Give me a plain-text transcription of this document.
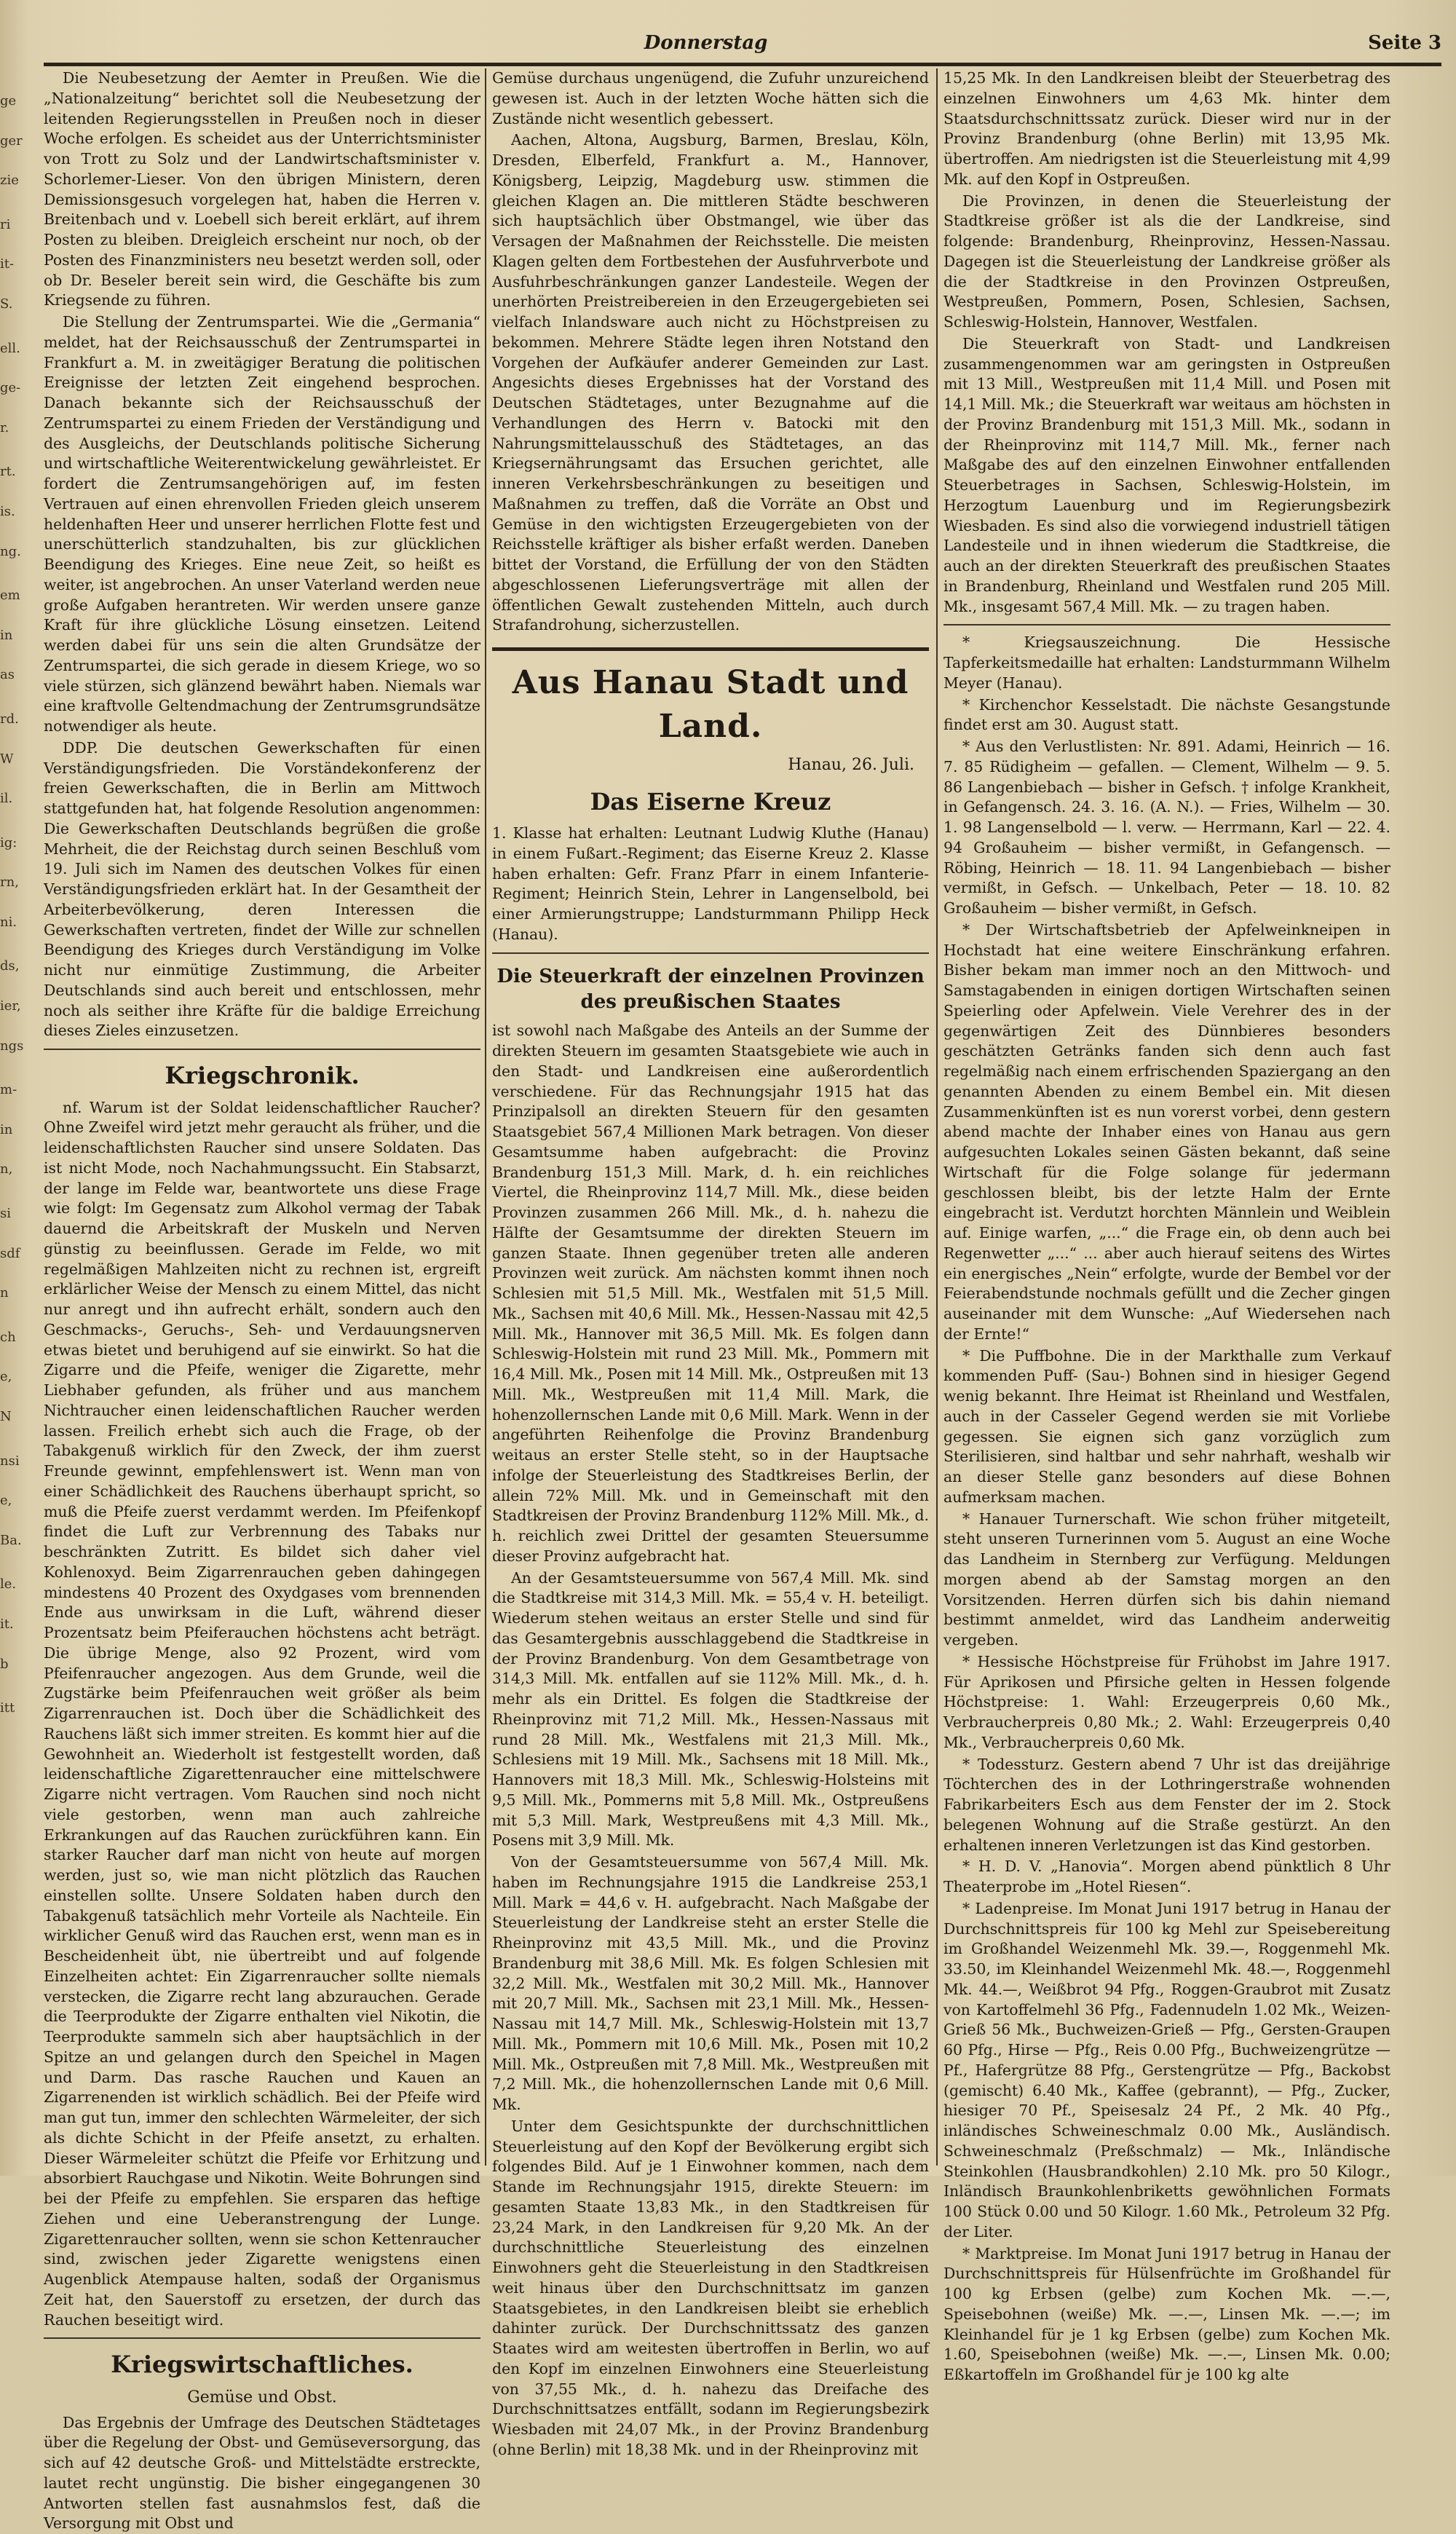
ge
ger
zie
ri
it-
S.
ell.
ge-
r.
rt.
is.
ng.
em
in
as
rd.
W
il.
ig:
rn,
ni.
ds,
ier,
ngs
m-
in
n,
si
sdf
n
ch
e,
N
nsi
e,
Ba.
le.
it.
b
itt
Donnerstag	Seite 3

Die Neubesetzung der Aemter in Preußen. Wie die „Nationalzeitung“ berichtet soll die Neubesetzung der leitenden Regierungsstellen in Preußen noch in dieser Woche erfolgen. Es scheidet aus der Unterrichtsminister von Trott zu Solz und der Landwirtschaftsminister v. Schorlemer-Lieser. Von den übrigen Ministern, deren Demissionsgesuch vorgelegen hat, haben die Herren v. Breitenbach und v. Loebell sich bereit erklärt, auf ihrem Posten zu bleiben. Dreigleich erscheint nur noch, ob der Posten des Finanzministers neu besetzt werden soll, oder ob Dr. Beseler bereit sein wird, die Geschäfte bis zum Kriegsende zu führen.

Die Stellung der Zentrumspartei. Wie die „Germania“ meldet, hat der Reichsausschuß der Zentrumspartei in Frankfurt a. M. in zweitägiger Beratung die politischen Ereignisse der letzten Zeit eingehend besprochen. Danach bekannte sich der Reichsausschuß der Zentrumspartei zu einem Frieden der Verständigung und des Ausgleichs, der Deutschlands politische Sicherung und wirtschaftliche Weiterentwickelung gewährleistet. Er fordert die Zentrumsangehörigen auf, im festen Vertrauen auf einen ehrenvollen Frieden gleich unserem heldenhaften Heer und unserer herrlichen Flotte fest und unerschütterlich standzuhalten, bis zur glücklichen Beendigung des Krieges. Eine neue Zeit, so heißt es weiter, ist angebrochen. An unser Vaterland werden neue große Aufgaben herantreten. Wir werden unsere ganze Kraft für ihre glückliche Lösung einsetzen. Leitend werden dabei für uns sein die alten Grundsätze der Zentrumspartei, die sich gerade in diesem Kriege, wo so viele stürzen, sich glänzend bewährt haben. Niemals war eine kraftvolle Geltendmachung der Zentrumsgrundsätze notwendiger als heute.

DDP. Die deutschen Gewerkschaften für einen Verständigungsfrieden. Die Vorständekonferenz der freien Gewerkschaften, die in Berlin am Mittwoch stattgefunden hat, hat folgende Resolution angenommen: Die Gewerkschaften Deutschlands begrüßen die große Mehrheit, die der Reichstag durch seinen Beschluß vom 19. Juli sich im Namen des deutschen Volkes für einen Verständigungsfrieden erklärt hat. In der Gesamtheit der Arbeiterbevölkerung, deren Interessen die Gewerkschaften vertreten, findet der Wille zur schnellen Beendigung des Krieges durch Verständigung im Volke nicht nur einmütige Zustimmung, die Arbeiter Deutschlands sind auch bereit und entschlossen, mehr noch als seither ihre Kräfte für die baldige Erreichung dieses Zieles einzusetzen.

Kriegschronik.

nf. Warum ist der Soldat leidenschaftlicher Raucher? Ohne Zweifel wird jetzt mehr geraucht als früher, und die leidenschaftlichsten Raucher sind unsere Soldaten. Das ist nicht Mode, noch Nachahmungssucht. Ein Stabsarzt, der lange im Felde war, beantwortete uns diese Frage wie folgt: Im Gegensatz zum Alkohol vermag der Tabak dauernd die Arbeitskraft der Muskeln und Nerven günstig zu beeinflussen. Gerade im Felde, wo mit regelmäßigen Mahlzeiten nicht zu rechnen ist, ergreift erklärlicher Weise der Mensch zu einem Mittel, das nicht nur anregt und ihn aufrecht erhält, sondern auch den Geschmacks-, Geruchs-, Seh- und Verdauungsnerven etwas bietet und beruhigend auf sie einwirkt. So hat die Zigarre und die Pfeife, weniger die Zigarette, mehr Liebhaber gefunden, als früher und aus manchem Nichtraucher einen leidenschaftlichen Raucher werden lassen. Freilich erhebt sich auch die Frage, ob der Tabakgenuß wirklich für den Zweck, der ihm zuerst Freunde gewinnt, empfehlenswert ist. Wenn man von einer Schädlichkeit des Rauchens überhaupt spricht, so muß die Pfeife zuerst verdammt werden. Im Pfeifenkopf findet die Luft zur Verbrennung des Tabaks nur beschränkten Zutritt. Es bildet sich daher viel Kohlenoxyd. Beim Zigarrenrauchen geben dahingegen mindestens 40 Prozent des Oxydgases vom brennenden Ende aus unwirksam in die Luft, während dieser Prozentsatz beim Pfeiferauchen höchstens acht beträgt. Die übrige Menge, also 92 Prozent, wird vom Pfeifenraucher angezogen. Aus dem Grunde, weil die Zugstärke beim Pfeifenrauchen weit größer als beim Zigarrenrauchen ist. Doch über die Schädlichkeit des Rauchens läßt sich immer streiten. Es kommt hier auf die Gewohnheit an. Wiederholt ist festgestellt worden, daß leidenschaftliche Zigarettenraucher eine mittelschwere Zigarre nicht vertragen. Vom Rauchen sind noch nicht viele gestorben, wenn man auch zahlreiche Erkrankungen auf das Rauchen zurückführen kann. Ein starker Raucher darf man nicht von heute auf morgen werden, just so, wie man nicht plötzlich das Rauchen einstellen sollte. Unsere Soldaten haben durch den Tabakgenuß tatsächlich mehr Vorteile als Nachteile. Ein wirklicher Genuß wird das Rauchen erst, wenn man es in Bescheidenheit übt, nie übertreibt und auf folgende Einzelheiten achtet: Ein Zigarrenraucher sollte niemals verstecken, die Zigarre recht lang abzurauchen. Gerade die Teerprodukte der Zigarre enthalten viel Nikotin, die Teerprodukte sammeln sich aber hauptsächlich in der Spitze an und gelangen durch den Speichel in Magen und Darm. Das rasche Rauchen und Kauen an Zigarrenenden ist wirklich schädlich. Bei der Pfeife wird man gut tun, immer den schlechten Wärmeleiter, der sich als dichte Schicht in der Pfeife ansetzt, zu erhalten. Dieser Wärmeleiter schützt die Pfeife vor Erhitzung und absorbiert Rauchgase und Nikotin. Weite Bohrungen sind bei der Pfeife zu empfehlen. Sie ersparen das heftige Ziehen und eine Ueberanstrengung der Lunge. Zigarettenraucher sollten, wenn sie schon Kettenraucher sind, zwischen jeder Zigarette wenigstens einen Augenblick Atempause halten, sodaß der Organismus Zeit hat, den Sauerstoff zu ersetzen, der durch das Rauchen beseitigt wird.

Kriegswirtschaftliches.
Gemüse und Obst.

Das Ergebnis der Umfrage des Deutschen Städtetages über die Regelung der Obst- und Gemüseversorgung, das sich auf 42 deutsche Groß- und Mittelstädte erstreckte, lautet recht ungünstig. Die bisher eingegangenen 30 Antworten stellen fast ausnahmslos fest, daß die Versorgung mit Obst und

Gemüse durchaus ungenügend, die Zufuhr unzureichend gewesen ist. Auch in der letzten Woche hätten sich die Zustände nicht wesentlich gebessert.

Aachen, Altona, Augsburg, Barmen, Breslau, Köln, Dresden, Elberfeld, Frankfurt a. M., Hannover, Königsberg, Leipzig, Magdeburg usw. stimmen die gleichen Klagen an. Die mittleren Städte beschweren sich hauptsächlich über Obstmangel, wie über das Versagen der Maßnahmen der Reichsstelle. Die meisten Klagen gelten dem Fortbestehen der Ausfuhrverbote und Ausfuhrbeschränkungen ganzer Landesteile. Wegen der unerhörten Preistreibereien in den Erzeugergebieten sei vielfach Inlandsware auch nicht zu Höchstpreisen zu bekommen. Mehrere Städte legen ihren Notstand den Vorgehen der Aufkäufer anderer Gemeinden zur Last. Angesichts dieses Ergebnisses hat der Vorstand des Deutschen Städtetages, unter Bezugnahme auf die Verhandlungen des Herrn v. Batocki mit den Nahrungsmittelausschuß des Städtetages, an das Kriegsernährungsamt das Ersuchen gerichtet, alle inneren Verkehrsbeschränkungen zu beseitigen und Maßnahmen zu treffen, daß die Vorräte an Obst und Gemüse in den wichtigsten Erzeugergebieten von der Reichsstelle kräftiger als bisher erfaßt werden. Daneben bittet der Vorstand, die Erfüllung der von den Städten abgeschlossenen Lieferungsverträge mit allen der öffentlichen Gewalt zustehenden Mitteln, auch durch Strafandrohung, sicherzustellen.

Aus Hanau Stadt und Land.
Hanau, 26. Juli.
Das Eiserne Kreuz

1. Klasse hat erhalten: Leutnant Ludwig Kluthe (Hanau) in einem Fußart.-Regiment; das Eiserne Kreuz 2. Klasse haben erhalten: Gefr. Franz Pfarr in einem Infanterie-Regiment; Heinrich Stein, Lehrer in Langenselbold, bei einer Armierungstruppe; Landsturmmann Philipp Heck (Hanau).

Die Steuerkraft der einzelnen Provinzen des preußischen Staates

ist sowohl nach Maßgabe des Anteils an der Summe der direkten Steuern im gesamten Staatsgebiete wie auch in den Stadt- und Landkreisen eine außerordentlich verschiedene. Für das Rechnungsjahr 1915 hat das Prinzipalsoll an direkten Steuern für den gesamten Staatsgebiet 567,4 Millionen Mark betragen. Von dieser Gesamtsumme haben aufgebracht: die Provinz Brandenburg 151,3 Mill. Mark, d. h. ein reichliches Viertel, die Rheinprovinz 114,7 Mill. Mk., diese beiden Provinzen zusammen 266 Mill. Mk., d. h. nahezu die Hälfte der Gesamtsumme der direkten Steuern im ganzen Staate. Ihnen gegenüber treten alle anderen Provinzen weit zurück. Am nächsten kommt ihnen noch Schlesien mit 51,5 Mill. Mk., Westfalen mit 51,5 Mill. Mk., Sachsen mit 40,6 Mill. Mk., Hessen-Nassau mit 42,5 Mill. Mk., Hannover mit 36,5 Mill. Mk. Es folgen dann Schleswig-Holstein mit rund 23 Mill. Mk., Pommern mit 16,4 Mill. Mk., Posen mit 14 Mill. Mk., Ostpreußen mit 13 Mill. Mk., Westpreußen mit 11,4 Mill. Mark, die hohenzollernschen Lande mit 0,6 Mill. Mark. Wenn in der angeführten Reihenfolge die Provinz Brandenburg weitaus an erster Stelle steht, so in der Hauptsache infolge der Steuerleistung des Stadtkreises Berlin, der allein 72% Mill. Mk. und in Gemeinschaft mit den Stadtkreisen der Provinz Brandenburg 112% Mill. Mk., d. h. reichlich zwei Drittel der gesamten Steuersumme dieser Provinz aufgebracht hat.

An der Gesamtsteuersumme von 567,4 Mill. Mk. sind die Stadtkreise mit 314,3 Mill. Mk. = 55,4 v. H. beteiligt. Wiederum stehen weitaus an erster Stelle und sind für das Gesamtergebnis ausschlaggebend die Stadtkreise in der Provinz Brandenburg. Von dem Gesamtbetrage von 314,3 Mill. Mk. entfallen auf sie 112% Mill. Mk., d. h. mehr als ein Drittel. Es folgen die Stadtkreise der Rheinprovinz mit 71,2 Mill. Mk., Hessen-Nassaus mit rund 28 Mill. Mk., Westfalens mit 21,3 Mill. Mk., Schlesiens mit 19 Mill. Mk., Sachsens mit 18 Mill. Mk., Hannovers mit 18,3 Mill. Mk., Schleswig-Holsteins mit 9,5 Mill. Mk., Pommerns mit 5,8 Mill. Mk., Ostpreußens mit 5,3 Mill. Mark, Westpreußens mit 4,3 Mill. Mk., Posens mit 3,9 Mill. Mk.

Von der Gesamtsteuersumme von 567,4 Mill. Mk. haben im Rechnungsjahre 1915 die Landkreise 253,1 Mill. Mark = 44,6 v. H. aufgebracht. Nach Maßgabe der Steuerleistung der Landkreise steht an erster Stelle die Rheinprovinz mit 43,5 Mill. Mk., und die Provinz Brandenburg mit 38,6 Mill. Mk. Es folgen Schlesien mit 32,2 Mill. Mk., Westfalen mit 30,2 Mill. Mk., Hannover mit 20,7 Mill. Mk., Sachsen mit 23,1 Mill. Mk., Hessen-Nassau mit 14,7 Mill. Mk., Schleswig-Holstein mit 13,7 Mill. Mk., Pommern mit 10,6 Mill. Mk., Posen mit 10,2 Mill. Mk., Ostpreußen mit 7,8 Mill. Mk., Westpreußen mit 7,2 Mill. Mk., die hohenzollernschen Lande mit 0,6 Mill. Mk.

Unter dem Gesichtspunkte der durchschnittlichen Steuerleistung auf den Kopf der Bevölkerung ergibt sich folgendes Bild. Auf je 1 Einwohner kommen, nach dem Stande im Rechnungsjahr 1915, direkte Steuern: im gesamten Staate 13,83 Mk., in den Stadtkreisen für 23,24 Mark, in den Landkreisen für 9,20 Mk. An der durchschnittliche Steuerleistung des einzelnen Einwohners geht die Steuerleistung in den Stadtkreisen weit hinaus über den Durchschnittsatz im ganzen Staatsgebietes, in den Landkreisen bleibt sie erheblich dahinter zurück. Der Durchschnittssatz des ganzen Staates wird am weitesten übertroffen in Berlin, wo auf den Kopf im einzelnen Einwohners eine Steuerleistung von 37,55 Mk., d. h. nahezu das Dreifache des Durchschnittsatzes entfällt, sodann im Regierungsbezirk Wiesbaden mit 24,07 Mk., in der Provinz Brandenburg (ohne Berlin) mit 18,38 Mk. und in der Rheinprovinz mit

15,25 Mk. In den Landkreisen bleibt der Steuerbetrag des einzelnen Einwohners um 4,63 Mk. hinter dem Staatsdurchschnittssatz zurück. Dieser wird nur in der Provinz Brandenburg (ohne Berlin) mit 13,95 Mk. übertroffen. Am niedrigsten ist die Steuerleistung mit 4,99 Mk. auf den Kopf in Ostpreußen.

Die Provinzen, in denen die Steuerleistung der Stadtkreise größer ist als die der Landkreise, sind folgende: Brandenburg, Rheinprovinz, Hessen-Nassau. Dagegen ist die Steuerleistung der Landkreise größer als die der Stadtkreise in den Provinzen Ostpreußen, Westpreußen, Pommern, Posen, Schlesien, Sachsen, Schleswig-Holstein, Hannover, Westfalen.

Die Steuerkraft von Stadt- und Landkreisen zusammengenommen war am geringsten in Ostpreußen mit 13 Mill., Westpreußen mit 11,4 Mill. und Posen mit 14,1 Mill. Mk.; die Steuerkraft war weitaus am höchsten in der Provinz Brandenburg mit 151,3 Mill. Mk., sodann in der Rheinprovinz mit 114,7 Mill. Mk., ferner nach Maßgabe des auf den einzelnen Einwohner entfallenden Steuerbetrages in Sachsen, Schleswig-Holstein, im Herzogtum Lauenburg und im Regierungsbezirk Wiesbaden. Es sind also die vorwiegend industriell tätigen Landesteile und in ihnen wiederum die Stadtkreise, die auch an der direkten Steuerkraft des preußischen Staates in Brandenburg, Rheinland und Westfalen rund 205 Mill. Mk., insgesamt 567,4 Mill. Mk. — zu tragen haben.

* Kriegsauszeichnung. Die Hessische Tapferkeitsmedaille hat erhalten: Landsturmmann Wilhelm Meyer (Hanau).

* Kirchenchor Kesselstadt. Die nächste Gesangstunde findet erst am 30. August statt.

* Aus den Verlustlisten: Nr. 891. Adami, Heinrich — 16. 7. 85 Rüdigheim — gefallen. — Clement, Wilhelm — 9. 5. 86 Langenbiebach — bisher in Gefsch. † infolge Krankheit, in Gefangensch. 24. 3. 16. (A. N.). — Fries, Wilhelm — 30. 1. 98 Langenselbold — l. verw. — Herrmann, Karl — 22. 4. 94 Großauheim — bisher vermißt, in Gefangensch. — Röbing, Heinrich — 18. 11. 94 Langenbiebach — bisher vermißt, in Gefsch. — Unkelbach, Peter — 18. 10. 82 Großauheim — bisher vermißt, in Gefsch.

* Der Wirtschaftsbetrieb der Apfelweinkneipen in Hochstadt hat eine weitere Einschränkung erfahren. Bisher bekam man immer noch an den Mittwoch- und Samstagabenden in einigen dortigen Wirtschaften seinen Speierling oder Apfelwein. Viele Verehrer des in der gegenwärtigen Zeit des Dünnbieres besonders geschätzten Getränks fanden sich denn auch fast regelmäßig nach einem erfrischenden Spaziergang an den genannten Abenden zu einem Bembel ein. Mit diesen Zusammenkünften ist es nun vorerst vorbei, denn gestern abend machte der Inhaber eines von Hanau aus gern aufgesuchten Lokales seinen Gästen bekannt, daß seine Wirtschaft für die Folge solange für jedermann geschlossen bleibt, bis der letzte Halm der Ernte eingebracht ist. Verdutzt horchten Männlein und Weiblein auf. Einige warfen, „...“ die Frage ein, ob denn auch bei Regenwetter „...“ ... aber auch hierauf seitens des Wirtes ein energisches „Nein“ erfolgte, wurde der Bembel vor der Feierabendstunde nochmals gefüllt und die Zecher gingen auseinander mit dem Wunsche: „Auf Wiedersehen nach der Ernte!“

* Die Puffbohne. Die in der Markthalle zum Verkauf kommenden Puff- (Sau-) Bohnen sind in hiesiger Gegend wenig bekannt. Ihre Heimat ist Rheinland und Westfalen, auch in der Casseler Gegend werden sie mit Vorliebe gegessen. Sie eignen sich ganz vorzüglich zum Sterilisieren, sind haltbar und sehr nahrhaft, weshalb wir an dieser Stelle ganz besonders auf diese Bohnen aufmerksam machen.

* Hanauer Turnerschaft. Wie schon früher mitgeteilt, steht unseren Turnerinnen vom 5. August an eine Woche das Landheim in Sternberg zur Verfügung. Meldungen morgen abend ab der Samstag morgen an den Vorsitzenden. Herren dürfen sich bis dahin niemand bestimmt anmeldet, wird das Landheim anderweitig vergeben.

* Hessische Höchstpreise für Frühobst im Jahre 1917. Für Aprikosen und Pfirsiche gelten in Hessen folgende Höchstpreise: 1. Wahl: Erzeugerpreis 0,60 Mk., Verbraucherpreis 0,80 Mk.; 2. Wahl: Erzeugerpreis 0,40 Mk., Verbraucherpreis 0,60 Mk.

* Todessturz. Gestern abend 7 Uhr ist das dreijährige Töchterchen des in der Lothringerstraße wohnenden Fabrikarbeiters Esch aus dem Fenster der im 2. Stock belegenen Wohnung auf die Straße gestürzt. An den erhaltenen inneren Verletzungen ist das Kind gestorben.

* H. D. V. „Hanovia“. Morgen abend pünktlich 8 Uhr Theaterprobe im „Hotel Riesen“.

* Ladenpreise. Im Monat Juni 1917 betrug in Hanau der Durchschnittspreis für 100 kg Mehl zur Speisebereitung im Großhandel Weizenmehl Mk. 39.—, Roggenmehl Mk. 33.50, im Kleinhandel Weizenmehl Mk. 48.—, Roggenmehl Mk. 44.—, Weißbrot 94 Pfg., Roggen-Graubrot mit Zusatz von Kartoffelmehl 36 Pfg., Fadennudeln 1.02 Mk., Weizen-Grieß 56 Mk., Buchweizen-Grieß — Pfg., Gersten-Graupen 60 Pfg., Hirse — Pfg., Reis 0.00 Pfg., Buchweizengrütze — Pf., Hafergrütze 88 Pfg., Gerstengrütze — Pfg., Backobst (gemischt) 6.40 Mk., Kaffee (gebrannt), — Pfg., Zucker, hiesiger 70 Pf., Speisesalz 24 Pf., 2 Mk. 40 Pfg., inländisches Schweineschmalz 0.00 Mk., Ausländisch. Schweineschmalz (Preßschmalz) — Mk., Inländische Steinkohlen (Hausbrandkohlen) 2.10 Mk. pro 50 Kilogr., Inländisch Braunkohlenbriketts gewöhnlichen Formats 100 Stück 0.00 und 50 Kilogr. 1.60 Mk., Petroleum 32 Pfg. der Liter.

* Marktpreise. Im Monat Juni 1917 betrug in Hanau der Durchschnittspreis für Hülsenfrüchte im Großhandel für 100 kg Erbsen (gelbe) zum Kochen Mk. —.—, Speisebohnen (weiße) Mk. —.—, Linsen Mk. —.—; im Kleinhandel für je 1 kg Erbsen (gelbe) zum Kochen Mk. 1.60, Speisebohnen (weiße) Mk. —.—, Linsen Mk. 0.00; Eßkartoffeln im Großhandel für je 100 kg alte
